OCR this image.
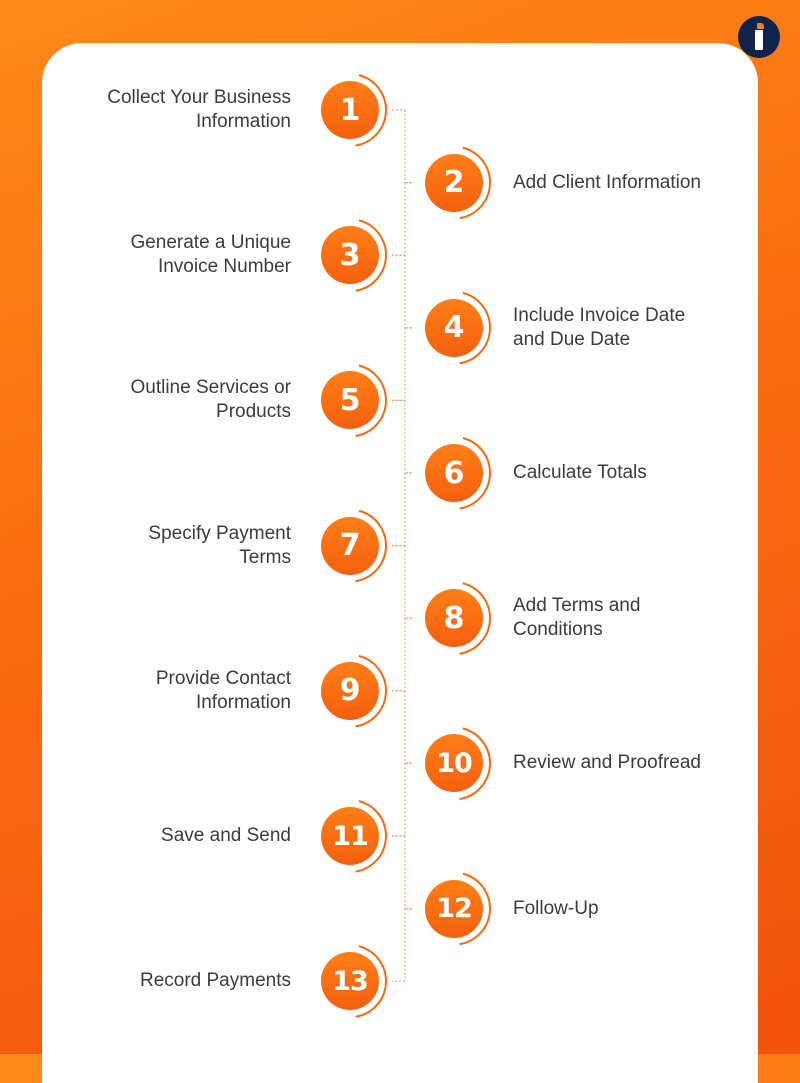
1
Collect Your Business
Information
2	Add Client Information
3
Generate a Unique
Invoice Number
4	Include Invoice Date
and Due Date
5
Outline Services or
Products
6	Calculate Totals
7
Specify Payment
Terms
8	Add Terms and
Conditions
9
Provide Contact
Information
10	Review and Proofread
11
Save and Send
12	Follow-Up
13
Record Payments
